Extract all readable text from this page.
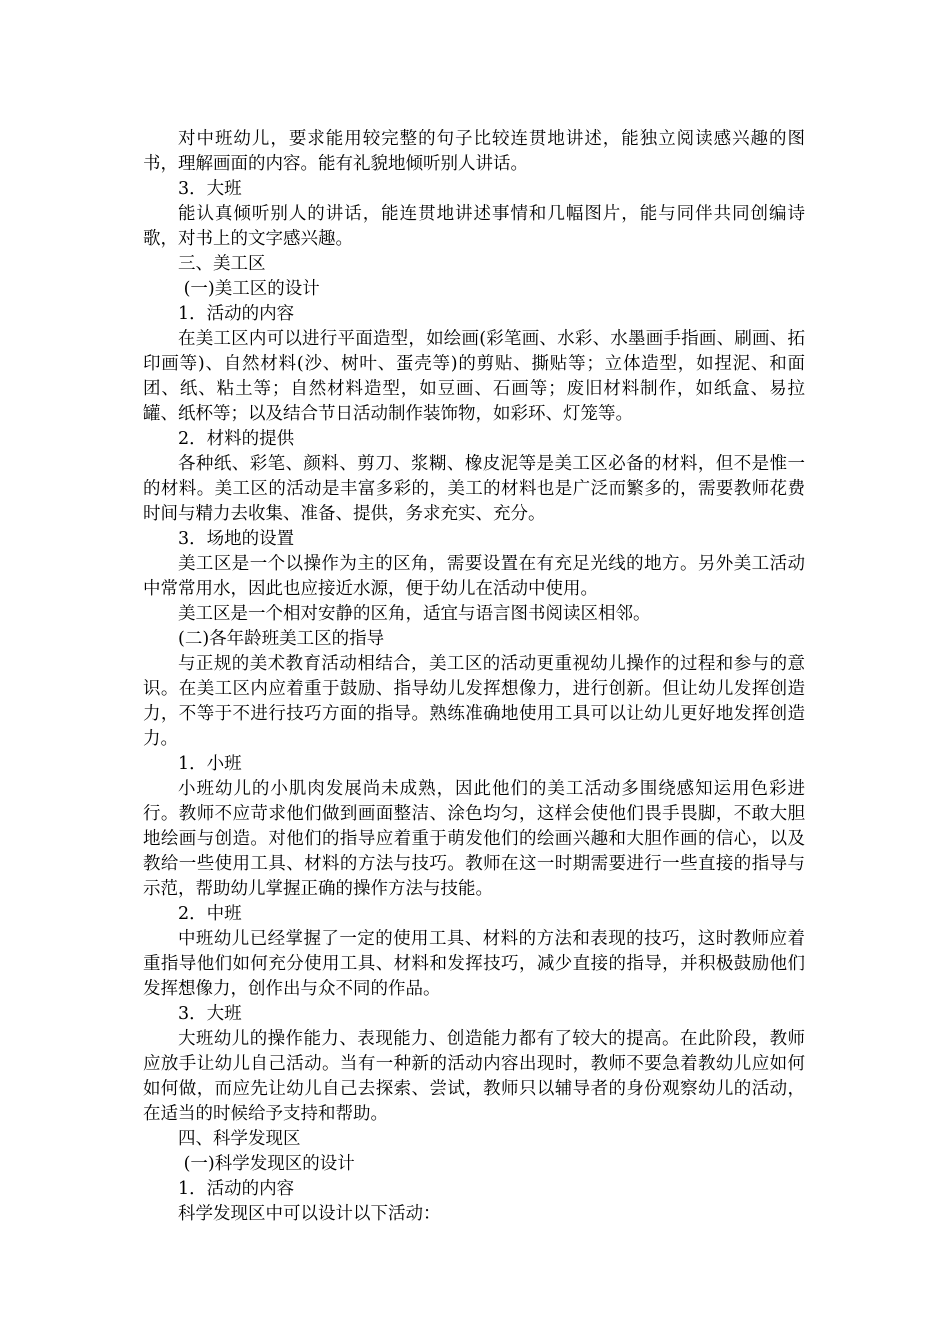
对中班幼儿，要求能用较完整的句子比较连贯地讲述，能独立阅读感兴趣的图书，理解画面的内容。能有礼貌地倾听别人讲话。

3．大班

能认真倾听别人的讲话，能连贯地讲述事情和几幅图片，能与同伴共同创编诗歌，对书上的文字感兴趣。

三、美工区

(一)美工区的设计

1．活动的内容

在美工区内可以进行平面造型，如绘画(彩笔画、水彩、水墨画手指画、刷画、拓印画等)、自然材料(沙、树叶、蛋壳等)的剪贴、撕贴等；立体造型，如捏泥、和面团、纸、粘土等；自然材料造型，如豆画、石画等；废旧材料制作，如纸盒、易拉罐、纸杯等；以及结合节日活动制作装饰物，如彩环、灯笼等。

2．材料的提供

各种纸、彩笔、颜料、剪刀、浆糊、橡皮泥等是美工区必备的材料，但不是惟一的材料。美工区的活动是丰富多彩的，美工的材料也是广泛而繁多的，需要教师花费时间与精力去收集、准备、提供，务求充实、充分。

3．场地的设置

美工区是一个以操作为主的区角，需要设置在有充足光线的地方。另外美工活动中常常用水，因此也应接近水源，便于幼儿在活动中使用。

美工区是一个相对安静的区角，适宜与语言图书阅读区相邻。

(二)各年龄班美工区的指导

与正规的美术教育活动相结合，美工区的活动更重视幼儿操作的过程和参与的意识。在美工区内应着重于鼓励、指导幼儿发挥想像力，进行创新。但让幼儿发挥创造力，不等于不进行技巧方面的指导。熟练准确地使用工具可以让幼儿更好地发挥创造力。

1．小班

小班幼儿的小肌肉发展尚未成熟，因此他们的美工活动多围绕感知运用色彩进行。教师不应苛求他们做到画面整洁、涂色均匀，这样会使他们畏手畏脚，不敢大胆地绘画与创造。对他们的指导应着重于萌发他们的绘画兴趣和大胆作画的信心，以及教给一些使用工具、材料的方法与技巧。教师在这一时期需要进行一些直接的指导与示范，帮助幼儿掌握正确的操作方法与技能。

2．中班

中班幼儿已经掌握了一定的使用工具、材料的方法和表现的技巧，这时教师应着重指导他们如何充分使用工具、材料和发挥技巧，减少直接的指导，并积极鼓励他们发挥想像力，创作出与众不同的作品。

3．大班

大班幼儿的操作能力、表现能力、创造能力都有了较大的提高。在此阶段，教师应放手让幼儿自己活动。当有一种新的活动内容出现时，教师不要急着教幼儿应如何如何做，而应先让幼儿自己去探索、尝试，教师只以辅导者的身份观察幼儿的活动，在适当的时候给予支持和帮助。

四、科学发现区

(一)科学发现区的设计

1．活动的内容

科学发现区中可以设计以下活动：
